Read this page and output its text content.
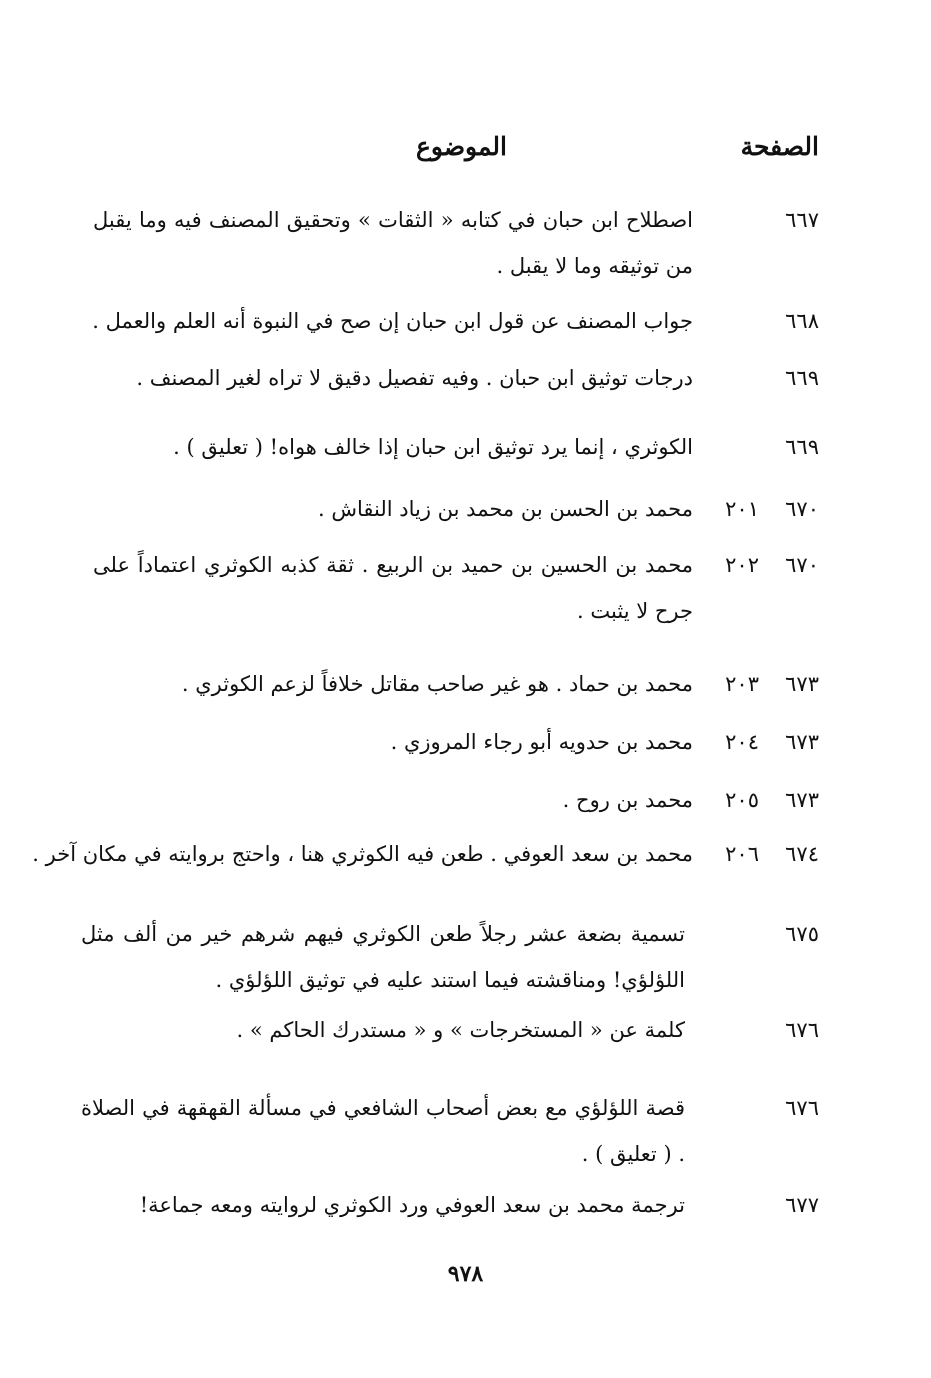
الصفحة
الموضوع
٦٦٧
اصطلاح ابن حبان في كتابه « الثقات » وتحقيق المصنف فيه وما يقبل من توثيقه وما لا يقبل .
٦٦٨
جواب المصنف عن قول ابن حبان إن صح في النبوة أنه العلم والعمل .
٦٦٩
درجات توثيق ابن حبان . وفيه تفصيل دقيق لا تراه لغير المصنف .
٦٦٩
الكوثري ، إنما يرد توثيق ابن حبان إذا خالف هواه! ( تعليق ) .
٦٧٠
٢٠١
محمد بن الحسن بن محمد بن زياد النقاش .
٦٧٠
٢٠٢
محمد بن الحسين بن حميد بن الربيع . ثقة كذبه الكوثري اعتماداً على جرح لا يثبت .
٦٧٣
٢٠٣
محمد بن حماد . هو غير صاحب مقاتل خلافاً لزعم الكوثري .
٦٧٣
٢٠٤
محمد بن حدويه أبو رجاء المروزي .
٦٧٣
٢٠٥
محمد بن روح .
٦٧٤
٢٠٦
محمد بن سعد العوفي . طعن فيه الكوثري هنا ، واحتج بروايته في مكان آخر .
٦٧٥
تسمية بضعة عشر رجلاً طعن الكوثري فيهم شرهم خير من ألف مثل اللؤلؤي! ومناقشته فيما استند عليه في توثيق اللؤلؤي .
٦٧٦
كلمة عن « المستخرجات » و « مستدرك الحاكم » .
٦٧٦
قصة اللؤلؤي مع بعض أصحاب الشافعي في مسألة القهقهة في الصلاة . ( تعليق ) .
٦٧٧
ترجمة محمد بن سعد العوفي ورد الكوثري لروايته ومعه جماعة!
٩٧٨
